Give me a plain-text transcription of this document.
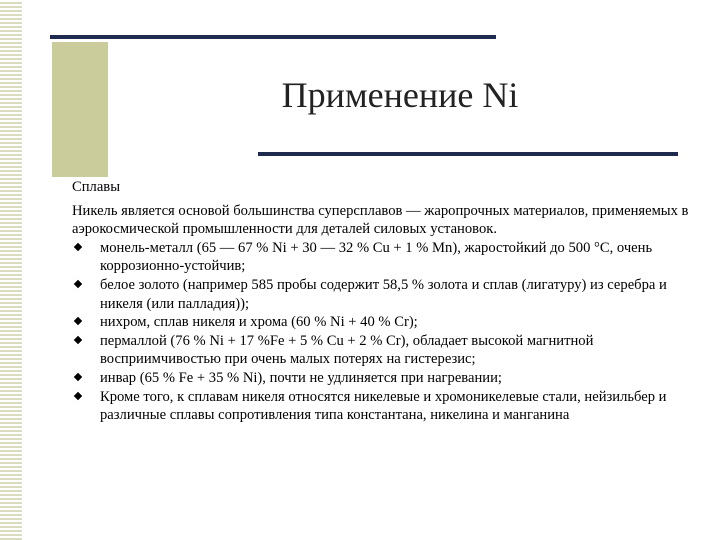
Применение Ni
Сплавы

Никель является основой большинства суперсплавов — жаропрочных материалов, применяемых в аэрокосмической промышленности для деталей силовых установок.

монель-металл (65 — 67 % Ni + 30 — 32 % Cu + 1 % Mn), жаростойкий до 500 °C, очень коррозионно-устойчив;
белое золото (например 585 пробы содержит 58,5 % золота и сплав (лигатуру) из серебра и никеля (или палладия));
нихром, сплав никеля и хрома (60 % Ni + 40 % Cr);
пермаллой (76 % Ni + 17 %Fe + 5 % Cu + 2 % Cr), обладает высокой магнитной восприимчивостью при очень малых потерях на гистерезис;
инвар (65 % Fe + 35 % Ni), почти не удлиняется при нагревании;
Кроме того, к сплавам никеля относятся никелевые и хромоникелевые стали, нейзильбер и различные сплавы сопротивления типа константана, никелина и манганина
